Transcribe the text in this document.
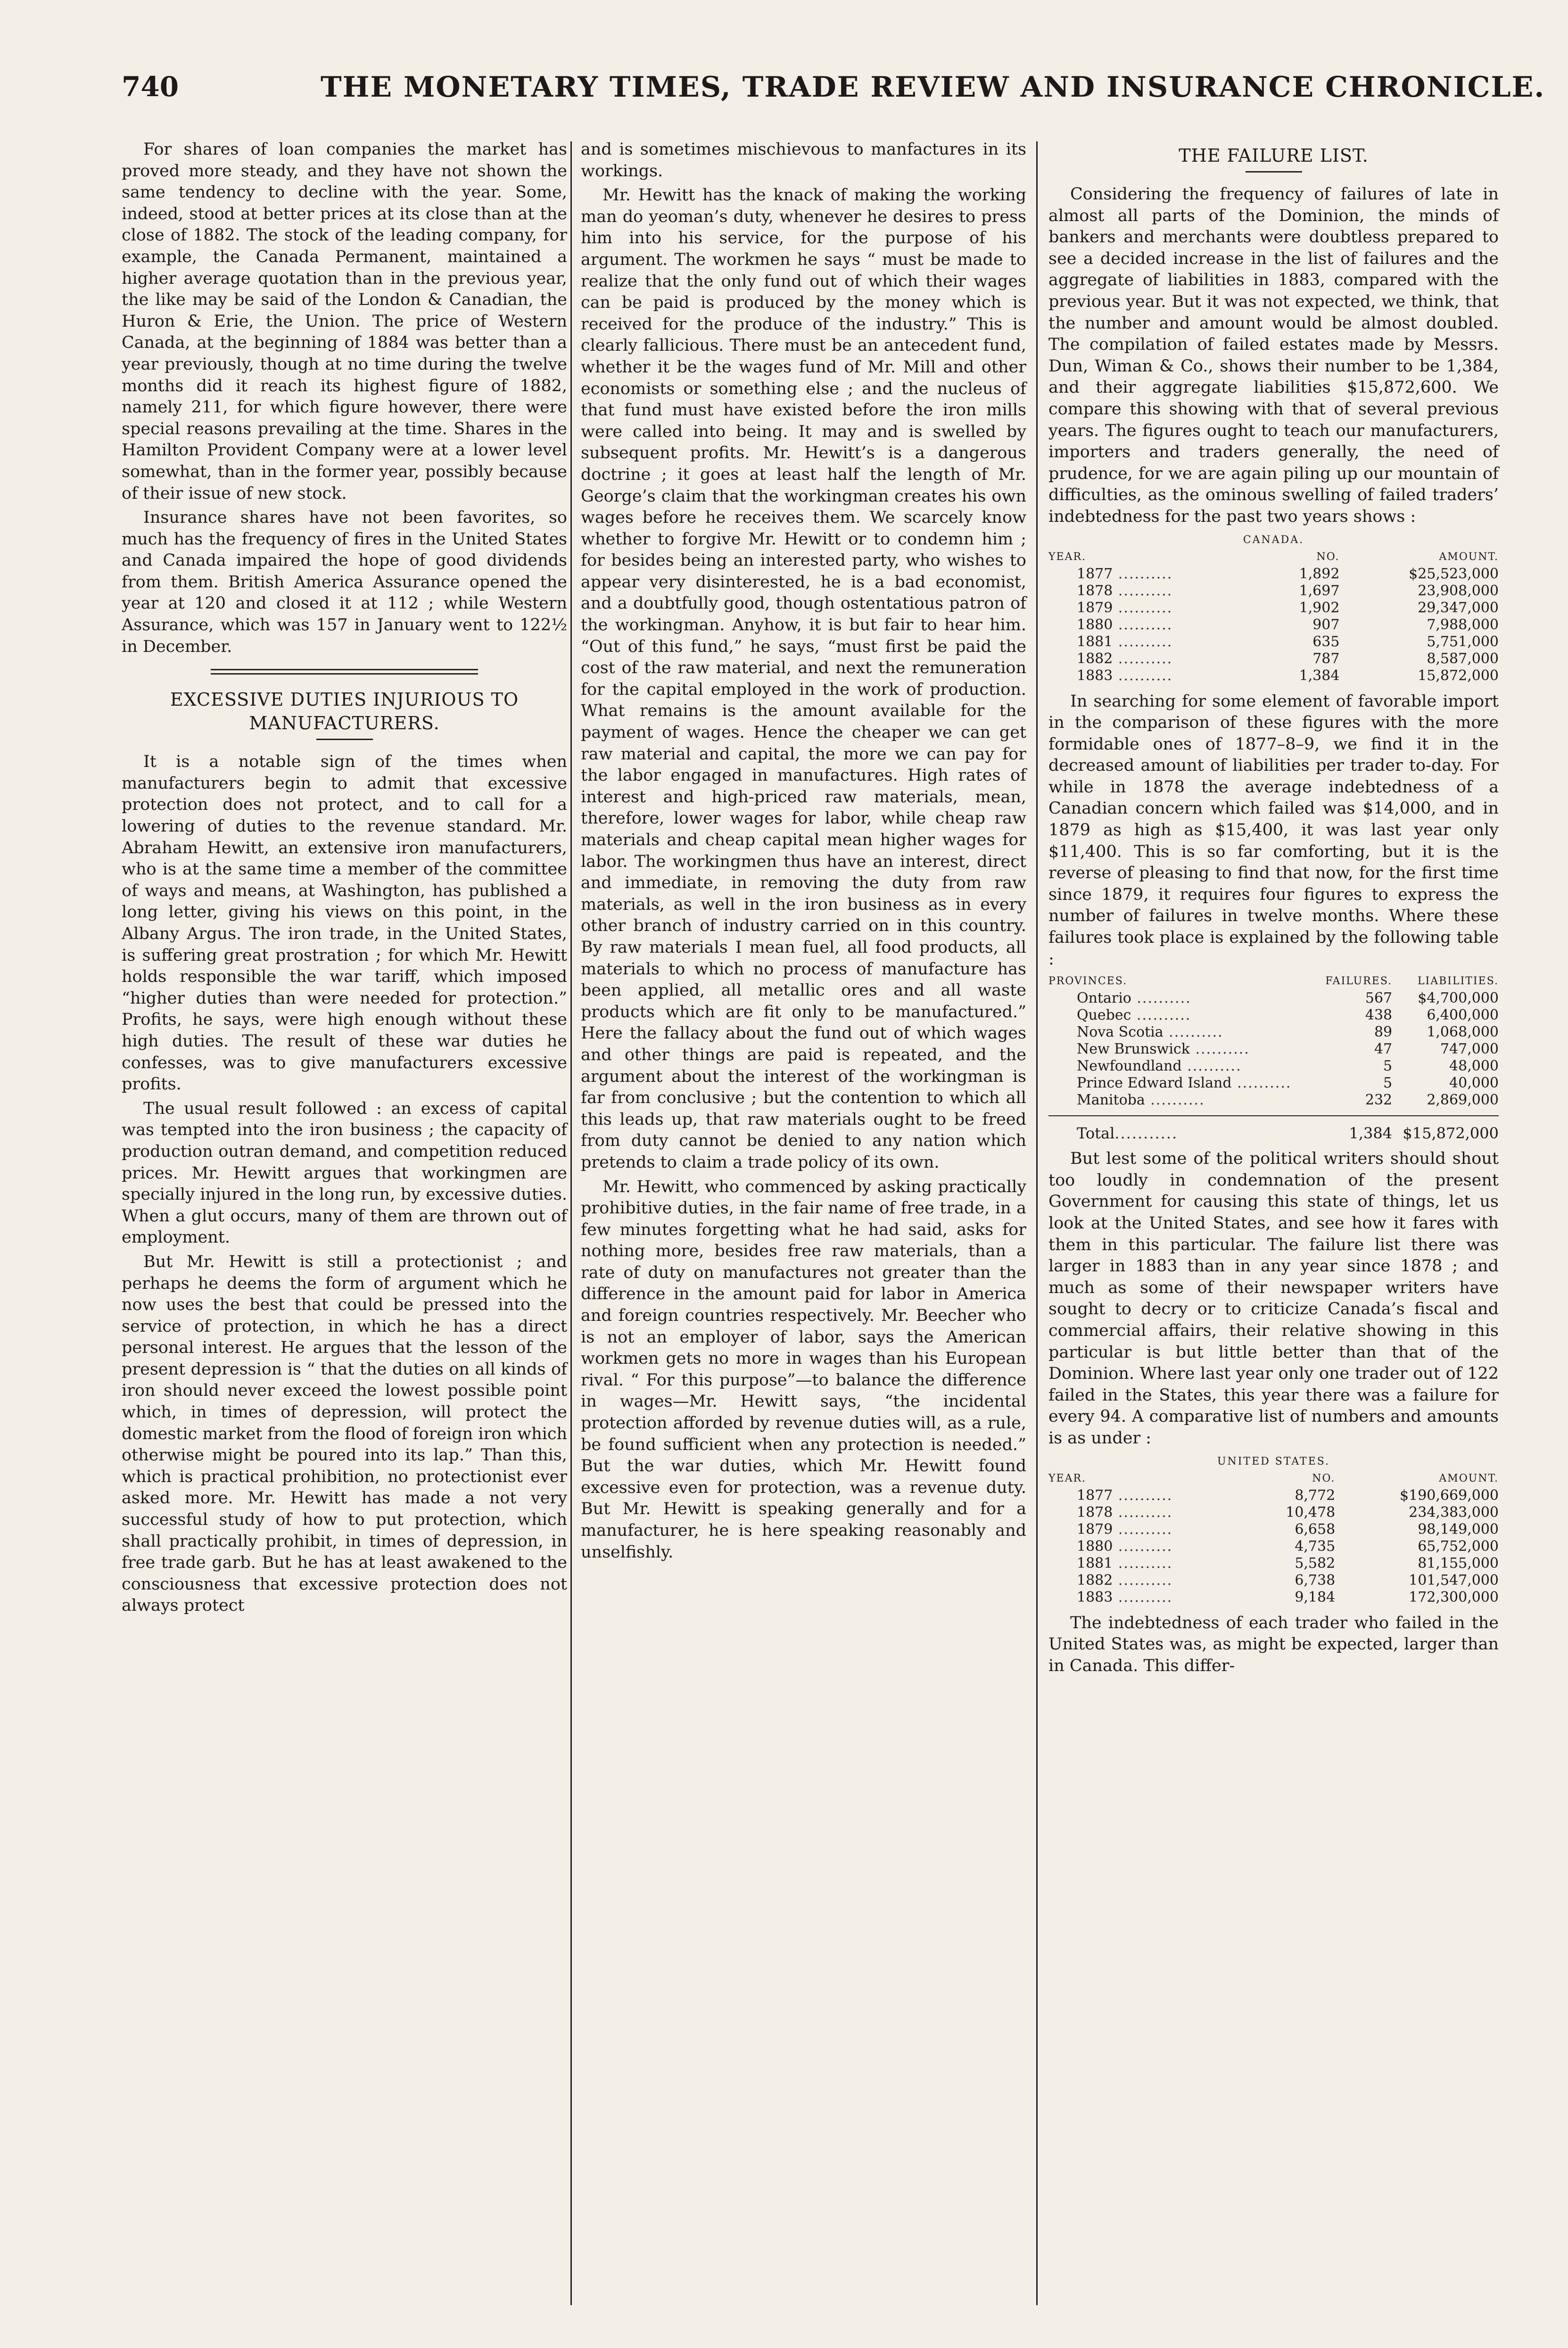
740	THE MONETARY TIMES, TRADE REVIEW AND INSURANCE CHRONICLE.

For shares of loan companies the market has proved more steady, and they have not shown the same tendency to decline with the year. Some, indeed, stood at better prices at its close than at the close of 1882. The stock of the leading company, for example, the Canada Permanent, maintained a higher average quotation than in the previous year, the like may be said of the London & Canadian, the Huron & Erie, the Union. The price of Western Canada, at the beginning of 1884 was better than a year previously, though at no time during the twelve months did it reach its highest figure of 1882, namely 211, for which figure however, there were special reasons prevailing at the time. Shares in the Hamilton Provident Company were at a lower level somewhat, than in the former year, possibly because of their issue of new stock.

Insurance shares have not been favorites, so much has the frequency of fires in the United States and Canada impaired the hope of good dividends from them. British America Assurance opened the year at 120 and closed it at 112 ; while Western Assurance, which was 157 in January went to 122½ in December.

EXCESSIVE DUTIES INJURIOUS TO MANUFACTURERS.

It is a notable sign of the times when manufacturers begin to admit that excessive protection does not protect, and to call for a lowering of duties to the revenue standard. Mr. Abraham Hewitt, an extensive iron manufacturers, who is at the same time a member of the committee of ways and means, at Washington, has published a long letter, giving his views on this point, in the Albany Argus. The iron trade, in the United States, is suffering great prostration ; for which Mr. Hewitt holds responsible the war tariff, which imposed “higher duties than were needed for protection.” Profits, he says, were high enough without these high duties. The result of these war duties he confesses, was to give manufacturers excessive profits.

The usual result followed : an excess of capital was tempted into the iron business ; the capacity of production outran demand, and competition reduced prices. Mr. Hewitt argues that workingmen are specially injured in the long run, by excessive duties. When a glut occurs, many of them are thrown out of employment.

But Mr. Hewitt is still a protectionist ; and perhaps he deems the form of argument which he now uses the best that could be pressed into the service of protection, in which he has a direct personal interest. He argues that the lesson of the present depression is “ that the duties on all kinds of iron should never exceed the lowest possible point which, in times of depression, will protect the domestic market from the flood of foreign iron which otherwise might be poured into its lap.” Than this, which is practical prohibition, no protectionist ever asked more. Mr. Hewitt has made a not very successful study of how to put protection, which shall practically prohibit, in times of depression, in free trade garb. But he has at least awakened to the consciousness that excessive protection does not always protect

and is sometimes mischievous to manfactures in its workings.

Mr. Hewitt has the knack of making the working man do yeoman’s duty, whenever he desires to press him into his service, for the purpose of his argument. The workmen he says “ must be made to realize that the only fund out of which their wages can be paid is produced by the money which is received for the produce of the industry.” This is clearly fallicious. There must be an antecedent fund, whether it be the wages fund of Mr. Mill and other economists or something else ; and the nucleus of that fund must have existed before the iron mills were called into being. It may and is swelled by subsequent profits. Mr. Hewitt’s is a dangerous doctrine ; it goes at least half the length of Mr. George’s claim that the workingman creates his own wages before he receives them. We scarcely know whether to forgive Mr. Hewitt or to condemn him ; for besides being an interested party, who wishes to appear very disinterested, he is a bad economist, and a doubtfully good, though ostentatious patron of the workingman. Anyhow, it is but fair to hear him. “Out of this fund,” he says, “must first be paid the cost of the raw material, and next the remuneration for the capital employed in the work of production. What remains is the amount available for the payment of wages. Hence the cheaper we can get raw material and capital, the more we can pay for the labor engaged in manufactures. High rates of interest and high-priced raw materials, mean, therefore, lower wages for labor, while cheap raw materials and cheap capital mean higher wages for labor. The workingmen thus have an interest, direct and immediate, in removing the duty from raw materials, as well in the iron business as in every other branch of industry carried on in this country. By raw materials I mean fuel, all food products, all materials to which no process of manufacture has been applied, all metallic ores and all waste products which are fit only to be manufactured.” Here the fallacy about the fund out of which wages and other things are paid is repeated, and the argument about the interest of the workingman is far from conclusive ; but the contention to which all this leads up, that raw materials ought to be freed from duty cannot be denied to any nation which pretends to claim a trade policy of its own.

Mr. Hewitt, who commenced by asking practically prohibitive duties, in the fair name of free trade, in a few minutes forgetting what he had said, asks for nothing more, besides free raw materials, than a rate of duty on manufactures not greater than the difference in the amount paid for labor in America and foreign countries respectively. Mr. Beecher who is not an employer of labor, says the American workmen gets no more in wages than his European rival. “ For this purpose”—to balance the difference in wages—Mr. Hewitt says, “the incidental protection afforded by revenue duties will, as a rule, be found sufficient when any protection is needed.” But the war duties, which Mr. Hewitt found excessive even for protection, was a revenue duty. But Mr. Hewitt is speaking generally and for a manufacturer, he is here speaking reasonably and unselfishly.

THE FAILURE LIST.

Considering the frequency of failures of late in almost all parts of the Dominion, the minds of bankers and merchants were doubtless prepared to see a decided increase in the list of failures and the aggregate of liabilities in 1883, compared with the previous year. But it was not expected, we think, that the number and amount would be almost doubled. The compilation of failed estates made by Messrs. Dun, Wiman & Co., shows their number to be 1,384, and their aggregate liabilities $15,872,600. We compare this showing with that of several previous years. The figures ought to teach our manufacturers, importers and traders generally, the need of prudence, for we are again piling up our mountain of difficulties, as the ominous swelling of failed traders’ indebtedness for the past two years shows :

CANADA.		
YEAR.	NO.	AMOUNT.
1877 ..........	1,892	$25,523,000
1878 ..........	1,697	23,908,000
1879 ..........	1,902	29,347,000
1880 ..........	907	7,988,000
1881 ..........	635	5,751,000
1882 ..........	787	8,587,000
1883 ..........	1,384	15,872,000

In searching for some element of favorable import in the comparison of these figures with the more formidable ones of 1877–8–9, we find it in the decreased amount of liabilities per trader to-day. For while in 1878 the average indebtedness of a Canadian concern which failed was $14,000, and in 1879 as high as $15,400, it was last year only $11,400. This is so far comforting, but it is the reverse of pleasing to find that now, for the first time since 1879, it requires four figures to express the number of failures in twelve months. Where these failures took place is explained by the following table :

PROVINCES.	FAILURES.	LIABILITIES.
Ontario ..........	567	$4,700,000
Quebec ..........	438	6,400,000
Nova Scotia ..........	89	1,068,000
New Brunswick ..........	47	747,000
Newfoundland ..........	5	48,000
Prince Edward Island ..........	5	40,000
Manitoba ..........	232	2,869,000

Total...........	1,384	$15,872,000

But lest some of the political writers should shout too loudly in condemnation of the present Government for causing this state of things, let us look at the United States, and see how it fares with them in this particular. The failure list there was larger in 1883 than in any year since 1878 ; and much as some of their newspaper writers have sought to decry or to criticize Canada’s fiscal and commercial affairs, their relative showing in this particular is but little better than that of the Dominion. Where last year only one trader out of 122 failed in the States, this year there was a failure for every 94. A comparative list of numbers and amounts is as under :

UNITED STATES.		
YEAR.	NO.	AMOUNT.
1877 ..........	8,772	$190,669,000
1878 ..........	10,478	234,383,000
1879 ..........	6,658	98,149,000
1880 ..........	4,735	65,752,000
1881 ..........	5,582	81,155,000
1882 ..........	6,738	101,547,000
1883 ..........	9,184	172,300,000

The indebtedness of each trader who failed in the United States was, as might be expected, larger than in Canada. This differ-
